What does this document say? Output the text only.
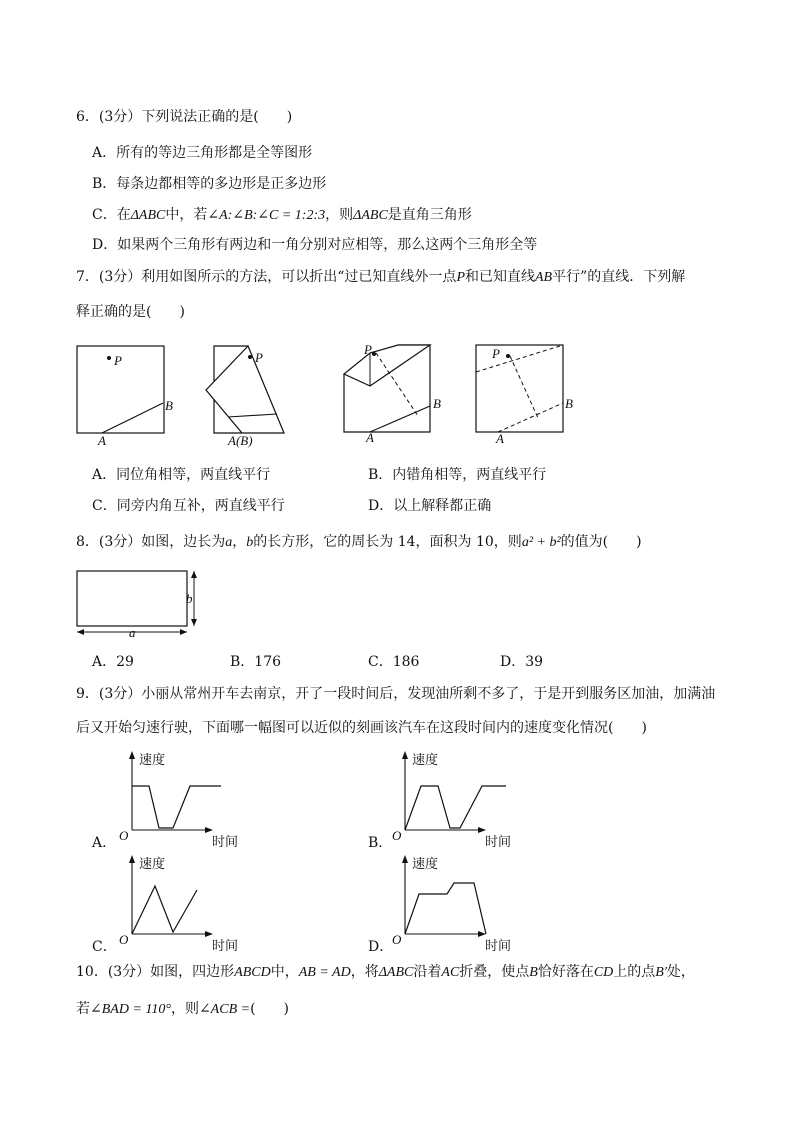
6．(3分）下列说法正确的是(　　)
A．所有的等边三角形都是全等图形
B．每条边都相等的多边形是正多边形
C．在ΔABC中，若∠A:∠B:∠C = 1:2:3，则ΔABC是直角三角形
D．如果两个三角形有两边和一角分别对应相等，那么这两个三角形全等
7．(3分）利用如图所示的方法，可以折出“过已知直线外一点P和已知直线AB平行”的直线．下列解
释正确的是(　　)
P
B
A
P
A(B)
P
B
A
P
B
A
A．同位角相等，两直线平行	B．内错角相等，两直线平行
C．同旁内角互补，两直线平行	D．以上解释都正确
8．(3分）如图，边长为a，b的长方形，它的周长为 14，面积为 10，则a² + b²的值为(　　)
b
a
A．29	B．176	C．186	D．39
9．(3分）小丽从常州开车去南京，开了一段时间后，发现油所剩不多了，于是开到服务区加油，加满油
后又开始匀速行驶，下面哪一幅图可以近似的刻画该汽车在这段时间内的速度变化情况(　　)
速度
时间
O
A．
速度
时间
O
B．
速度
时间
O
C．
速度
时间
O
D．
10．(3分）如图，四边形ABCD中，AB = AD，将ΔABC沿着AC折叠，使点B恰好落在CD上的点B′处，
若∠BAD = 110°，则∠ACB =(　　)
